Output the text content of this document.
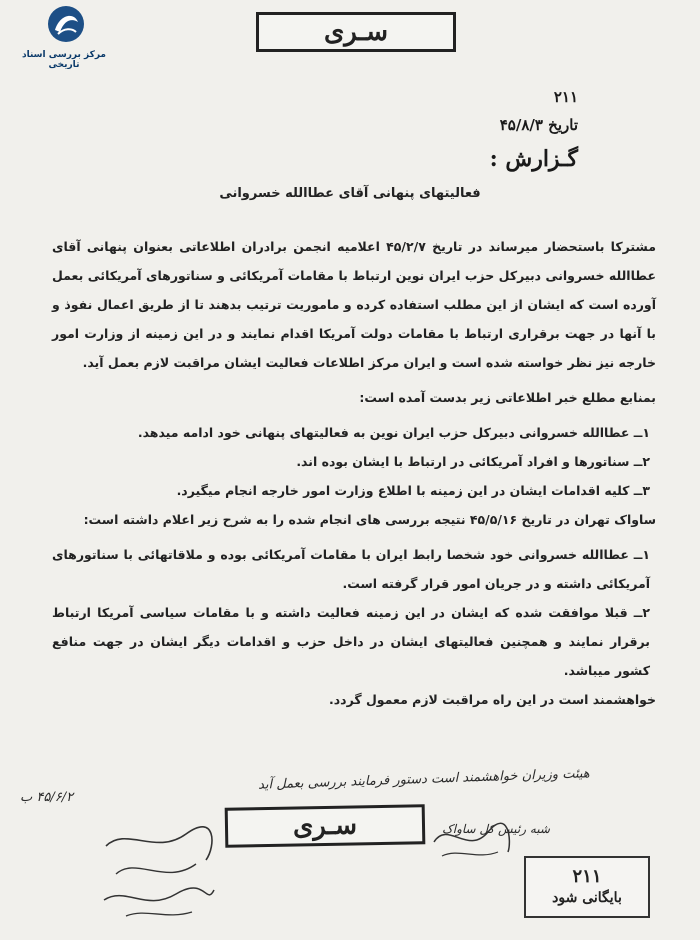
مرکز بررسی اسناد تاریخی
سـری
۲۱۱
تاریخ ۴۵/۸/۳
گـزارش :
فعالیتهای پنهانی آقای عطاالله خسروانی

مشترکا باستحضار میرساند در تاریخ ۴۵/۲/۷ اعلامیه انجمن برادران اطلاعاتی بعنوان پنهانی آقای عطاالله خسروانی دبیرکل حزب ایران نوین ارتباط با مقامات آمریکائی و سناتورهای آمریکائی بعمل آورده است که ایشان از این مطلب استفاده کرده و ماموریت ترتیب بدهند تا از طریق اعمال نفوذ و با آنها در جهت برقراری ارتباط با مقامات دولت آمریکا اقدام نمایند و در این زمینه از وزارت امور خارجه نیز نظر خواسته شده است و ایران مرکز اطلاعات فعالیت ایشان مراقبت لازم بعمل آید.

بمنابع مطلع خبر اطلاعاتی زیر بدست آمده است:

۱ــ عطاالله خسروانی دبیرکل حزب ایران نوین به فعالیتهای پنهانی خود ادامه میدهد.

۲ــ سناتورها و افراد آمریکائی در ارتباط با ایشان بوده اند.

۳ــ کلیه اقدامات ایشان در این زمینه با اطلاع وزارت امور خارجه انجام میگیرد.

ساواک تهران در تاریخ ۴۵/۵/۱۶ نتیجه بررسی های انجام شده را به شرح زیر اعلام داشته است:

۱ــ عطاالله خسروانی خود شخصا رابط ایران با مقامات آمریکائی بوده و ملاقاتهائی با سناتورهای آمریکائی داشته و در جریان امور قرار گرفته است.

۲ــ قبلا موافقت شده که ایشان در این زمینه فعالیت داشته و با مقامات سیاسی آمریکا ارتباط برقرار نمایند و همچنین فعالیتهای ایشان در داخل حزب و اقدامات دیگر ایشان در جهت منافع کشور میباشد.

خواهشمند است در این راه مراقبت لازم معمول گردد.

هیئت وزیران خواهشمند است دستور فرمایند بررسی بعمل آید
۴۵/۶/۲ ب
شبه رئیس کل ساواک
سـری
۲۱۱
بایگانی شود
